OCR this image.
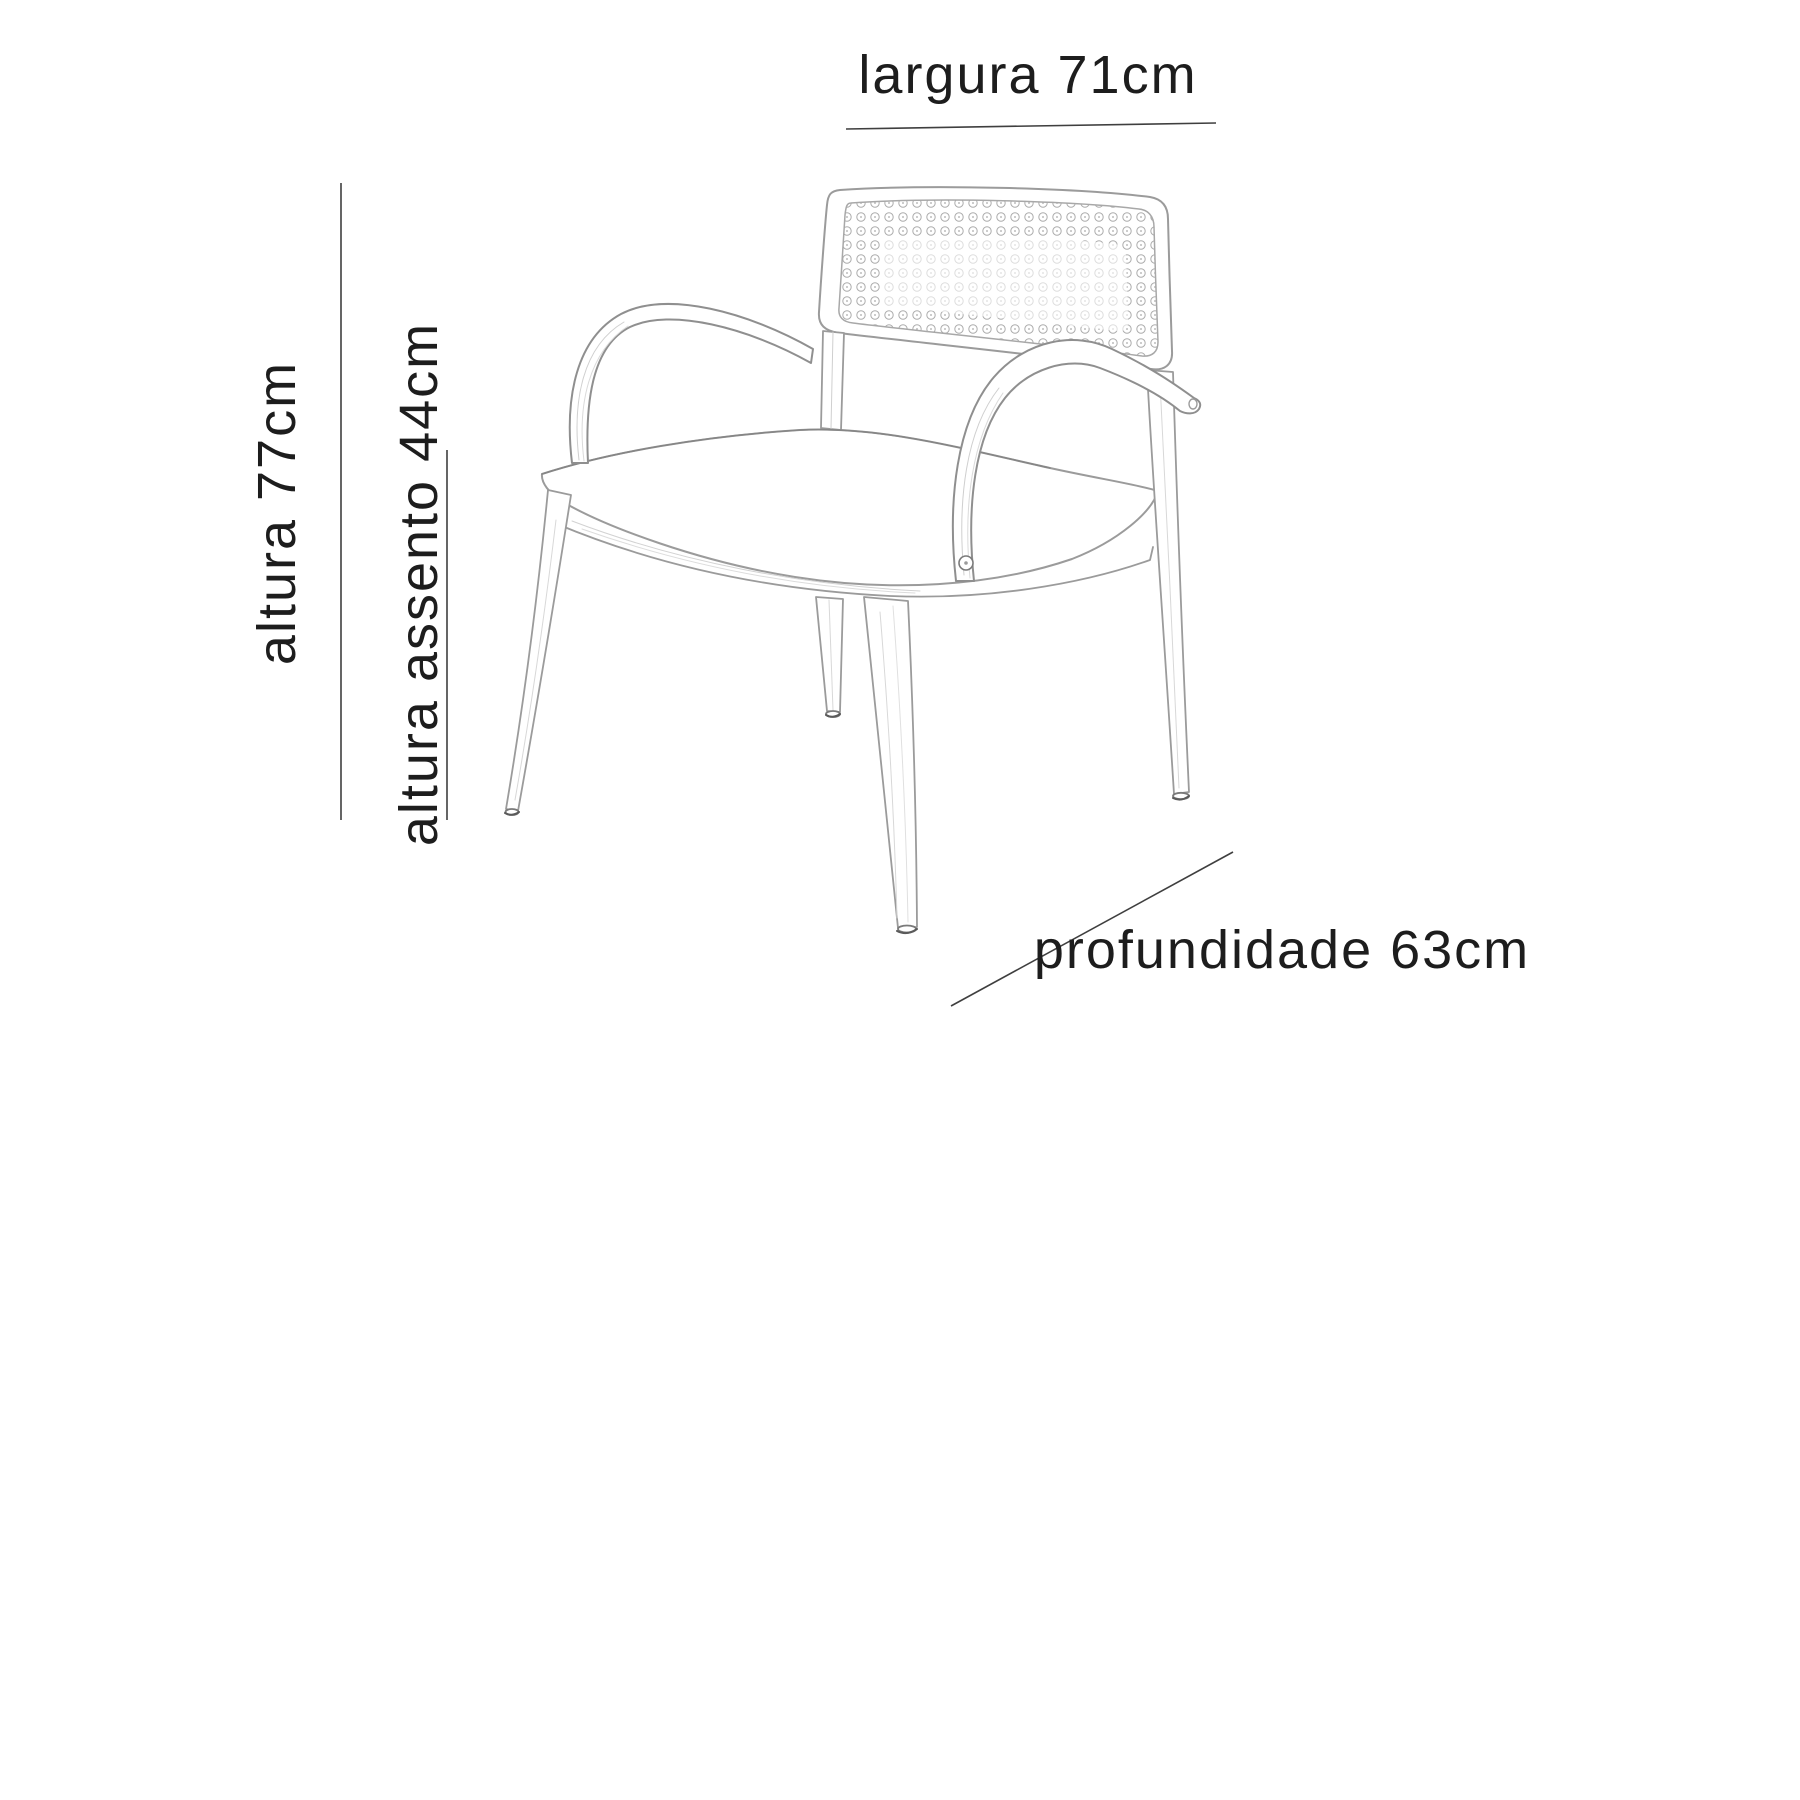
largura 71cm
altura 77cm altura assento 44cm
profundidade 63cm
